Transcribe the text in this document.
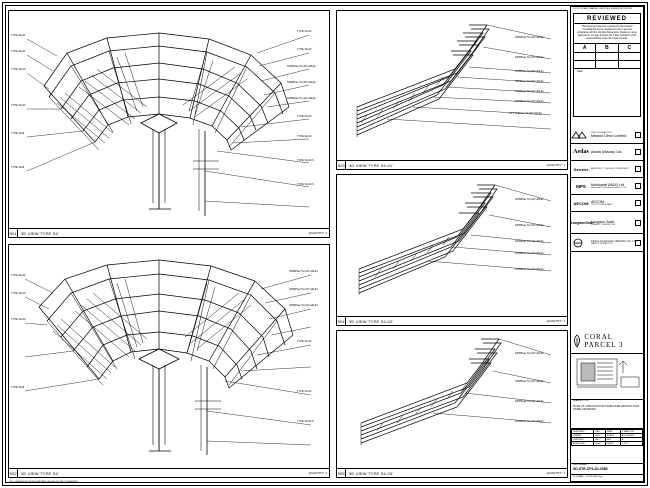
TYPE 3A-03
TYPE 3A-03
TYPE 3A-03
TYPE 3A-03
TYPE 3A-B
TYPE 3A-B
TYPE 3A-03
TYPE 3A-03
SP90Paa 7A (4LT-A6LE)
SP90Paa 7A (4LT-A6LE)
SP90Paa 7A (4LT-A6LE)
TYPE 3A-03
TYPE 3A-03
TYPE 3A-03.6
TYPE 3A-03.6
S01	3D VIEW TYPE S4'	QUANTITY: 1
TYPE 3A-03
TYPE 3A-03
TYPE 3A-03
TYPE 3A-B
SP90Paa 7A (4LT-A6LE)
SP90Paa 7A (4LT-A6LE)
SP90Paa 7A (4LT-A6LE)
TYPE 3A-03
TYPE 3A-03
TYPE 3A-03.6
S02	3D VIEW TYPE S4'	QUANTITY: 1
SP90Paa 7A (4LT-A6LE)
SP90Paa 7A (4LT-A6LE)
SP90Paa 7A (4LT-A6LE)
SP90Paa 7A (4LT-A6LE)
SP90Paa 7A (4LT-A6LE)
SP90Paa 7A (4LT-A6LE)
1A TYPSPaa 7A (4LT-A6LE)
S03	3D VIEW TYPE S4-01'	QUANTITY: 1
SP90Paa 7A (4LT-A6LE)
SP90Paa 7A (4LT-A6LE)
SP90Paa 7A (4LT-A6LE)
SP90Paa 7A (4LT-A6LE)
SP90Paa 7A (4LT-A6LE)
S04	3D VIEW TYPE S4-02'	QUANTITY: 1
SP90Paa 7A (4LT-A6LE)
SP90Paa 7A (4LT-A6LE)
SP90Paa 7A (4LT-A6LE)
SP90Paa 7A (4LT-A6LE)
S05	3D VIEW TYPE S4-03'	QUANTITY: 1
DO NOT SCALE DRAWING. VERIFY ALL DIMENSIONS ON SITE
REVIEWED
This document has been reviewed by the relevant Consultant(s) and is considered to be in general compliance with the Contract Documents. Review is not an approval of, nor does it relieve the Trade Contractor of his responsibilities under the Trade Contract.
A	B	C
Date :
SUB CONTRACTOR
Newton Direct Limited
Aedas Aedas (Macau) Ltd.
Gensler	ARCHITECT / DESIGN CONSULTANT
MPS	Meinhardt (M&E) Ltd.
Meinhardt Professional Services Ltd.
AECOM AECOM
COST CONSULTANT
LangdonSeah
Langdon Seah
QUANTITY SURVEYOR
Paulos Construction (MACAU) CO. LTD.
MAIN CONTRACTOR
CORAL PARCEL 3
DRAWING TITLE
PLAN AT CIRCULATION STAIRCASE DETAILS FOR STEEL DRAWING
DESIGNED	CAD	DATE	1 MAR 2015
DRAWN	GMY	SCALE	AS SHOWN
CHECKED	LMC	REV	A
APPROVED	CKW	SHEET	1 OF 1
DWG NUMBER
SD-STR-CP3-3D-0085
FILE NAME CP3-3D-0085.dwg
ALL DIMENSIONS IN MILLIMETRES UNLESS NOTED OTHERWISE
